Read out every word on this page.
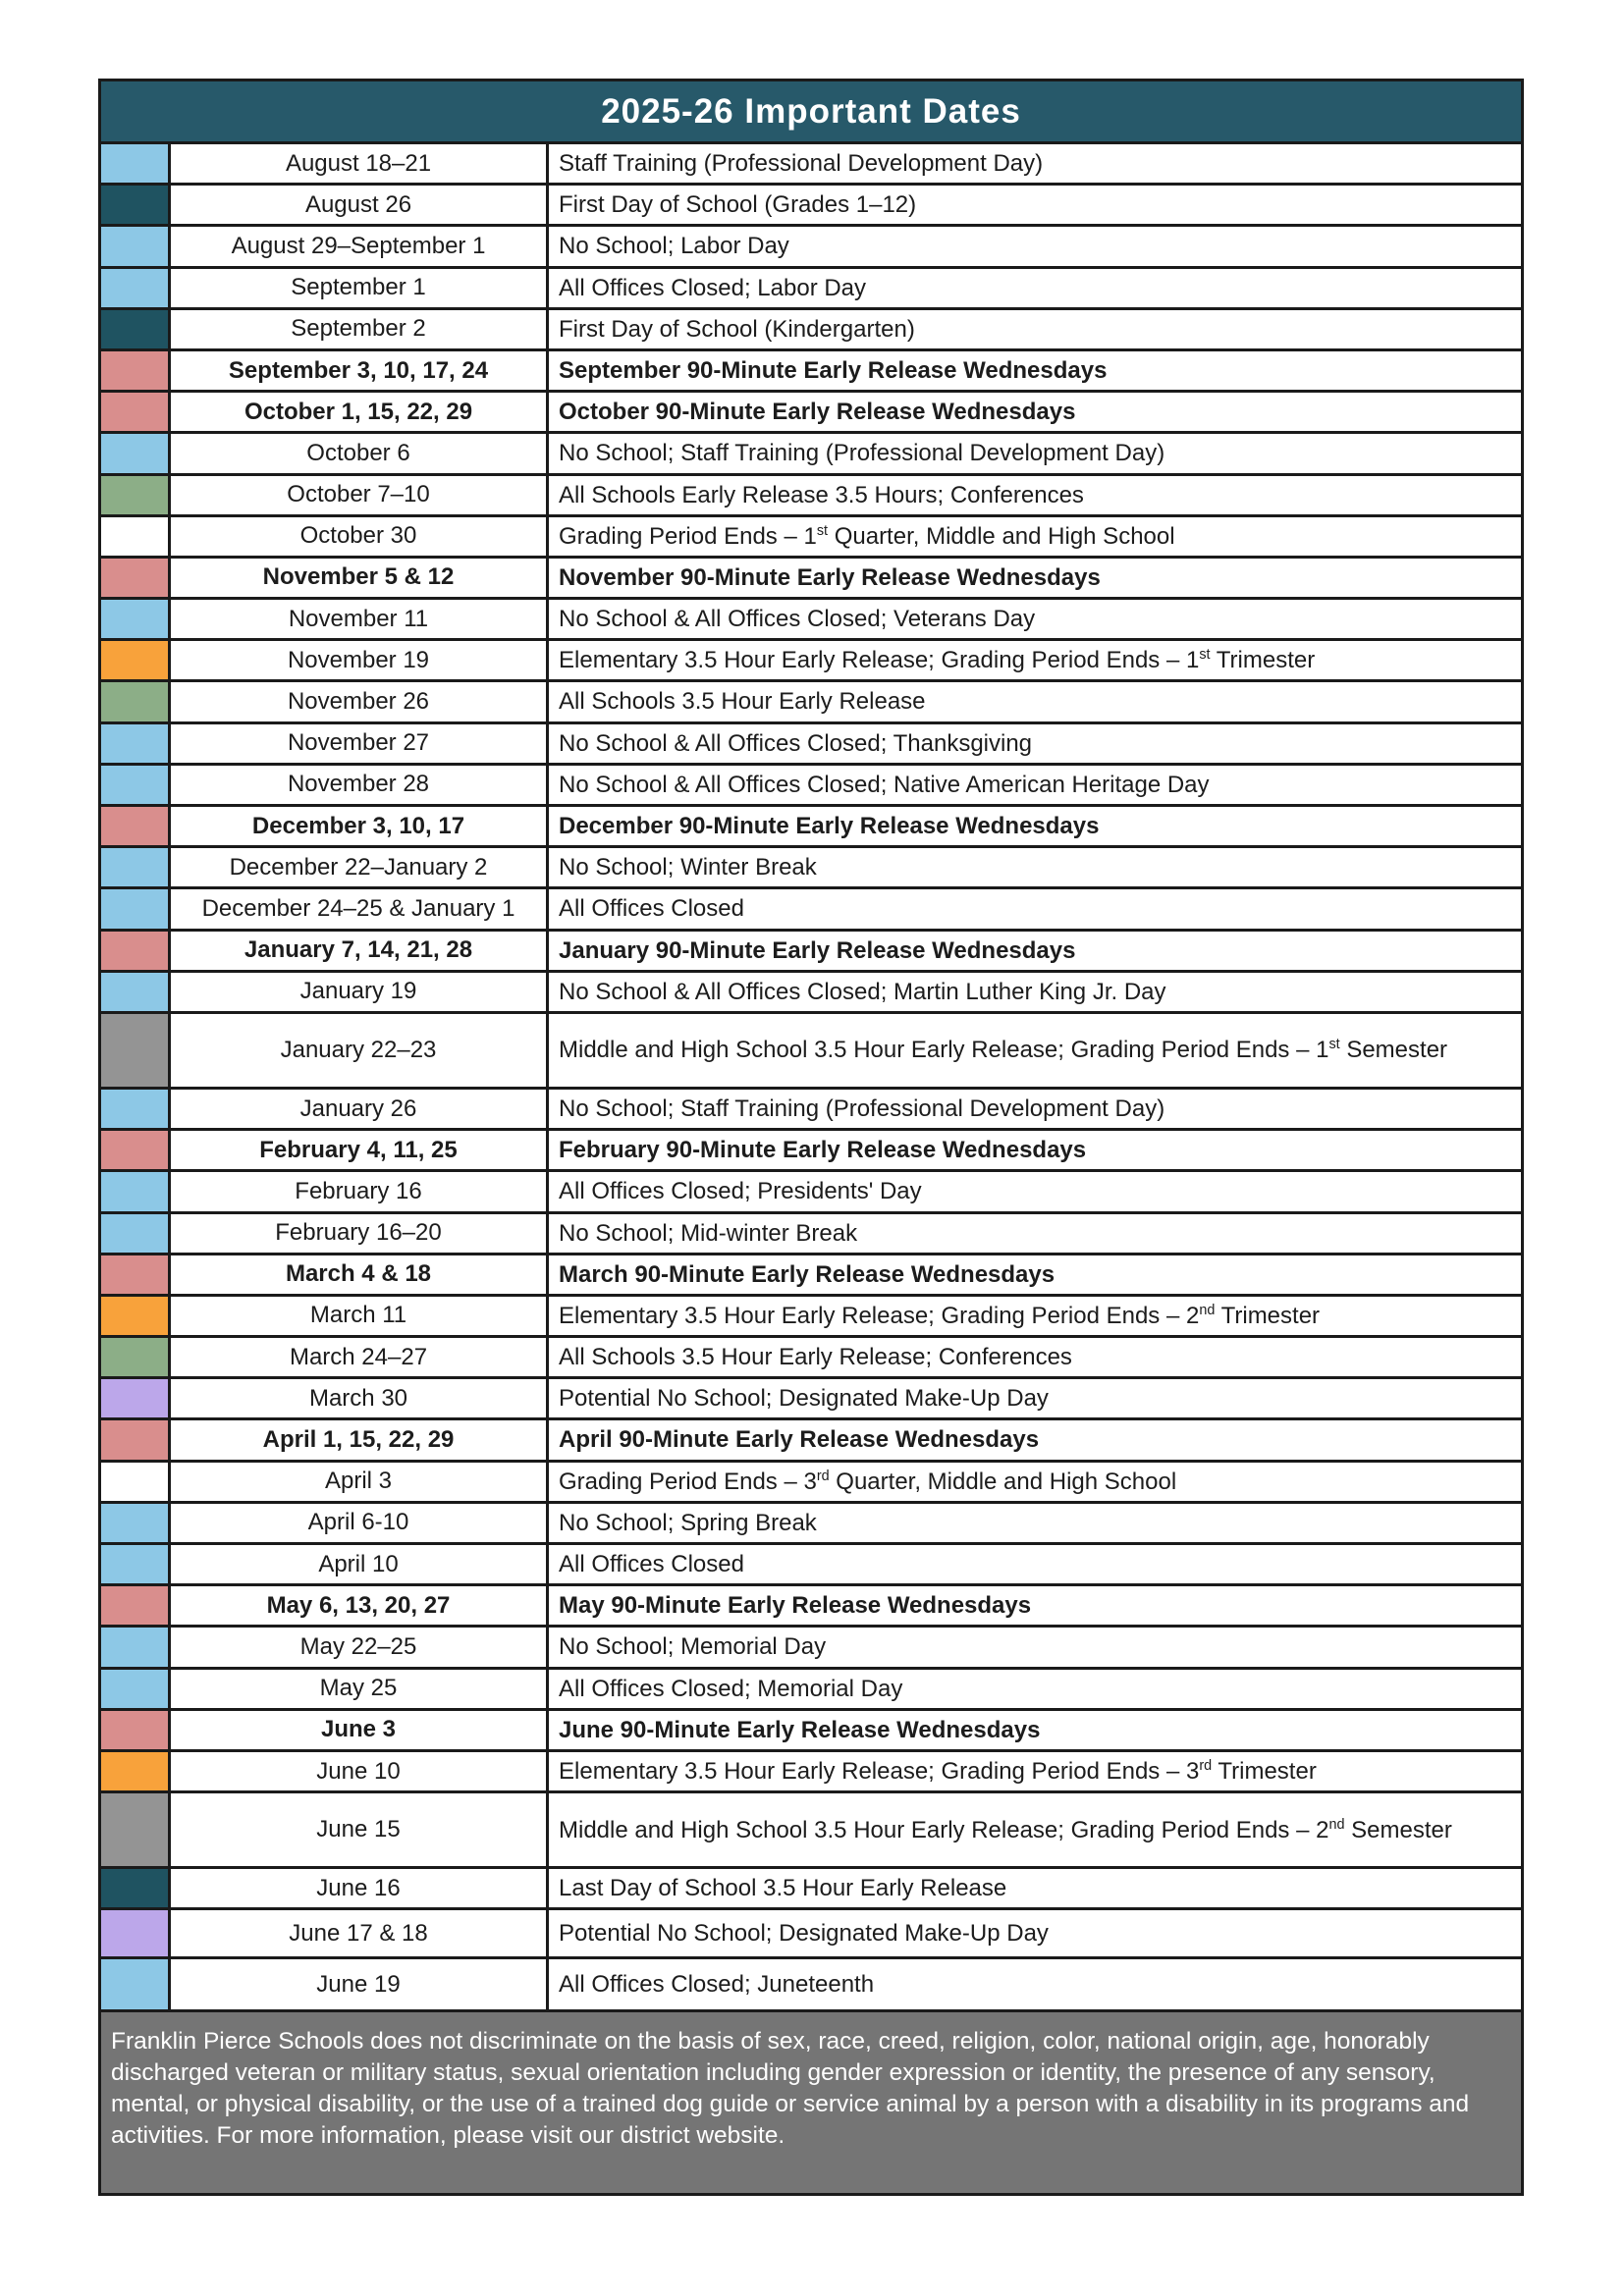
2025-26 Important Dates
August 18–21	Staff Training (Professional Development Day)
August 26	First Day of School (Grades 1–12)
August 29–September 1	No School; Labor Day
September 1	All Offices Closed; Labor Day
September 2	First Day of School (Kindergarten)
September 3, 10, 17, 24	September 90-Minute Early Release Wednesdays
October 1, 15, 22, 29	October 90-Minute Early Release Wednesdays
October 6	No School; Staff Training (Professional Development Day)
October 7–10	All Schools Early Release 3.5 Hours; Conferences
October 30	Grading Period Ends – 1st Quarter, Middle and High School
November 5 & 12	November 90-Minute Early Release Wednesdays
November 11	No School & All Offices Closed; Veterans Day
November 19	Elementary 3.5 Hour Early Release; Grading Period Ends – 1st Trimester
November 26	All Schools 3.5 Hour Early Release
November 27	No School & All Offices Closed; Thanksgiving
November 28	No School & All Offices Closed; Native American Heritage Day
December 3, 10, 17	December 90-Minute Early Release Wednesdays
December 22–January 2	No School; Winter Break
December 24–25 & January 1	All Offices Closed
January 7, 14, 21, 28	January 90-Minute Early Release Wednesdays
January 19	No School & All Offices Closed; Martin Luther King Jr. Day
January 22–23	Middle and High School 3.5 Hour Early Release; Grading Period Ends – 1st Semester
January 26	No School; Staff Training (Professional Development Day)
February 4, 11, 25	February 90-Minute Early Release Wednesdays
February 16	All Offices Closed; Presidents' Day
February 16–20	No School; Mid-winter Break
March 4 & 18	March 90-Minute Early Release Wednesdays
March 11	Elementary 3.5 Hour Early Release; Grading Period Ends – 2nd Trimester
March 24–27	All Schools 3.5 Hour Early Release; Conferences
March 30	Potential No School; Designated Make-Up Day
April 1, 15, 22, 29	April 90-Minute Early Release Wednesdays
April 3	Grading Period Ends – 3rd Quarter, Middle and High School
April 6-10	No School; Spring Break
April 10	All Offices Closed
May 6, 13, 20, 27	May 90-Minute Early Release Wednesdays
May 22–25	No School; Memorial Day
May 25	All Offices Closed; Memorial Day
June 3	June 90-Minute Early Release Wednesdays
June 10	Elementary 3.5 Hour Early Release; Grading Period Ends – 3rd Trimester
June 15	Middle and High School 3.5 Hour Early Release; Grading Period Ends – 2nd Semester
June 16	Last Day of School 3.5 Hour Early Release
June 17 & 18	Potential No School; Designated Make-Up Day
June 19	All Offices Closed; Juneteenth
Franklin Pierce Schools does not discriminate on the basis of sex, race, creed, religion, color, national origin, age, honorably discharged veteran or military status, sexual orientation including gender expression or identity, the presence of any sensory, mental, or physical disability, or the use of a trained dog guide or service animal by a person with a disability in its programs and activities. For more information, please visit our district website.
